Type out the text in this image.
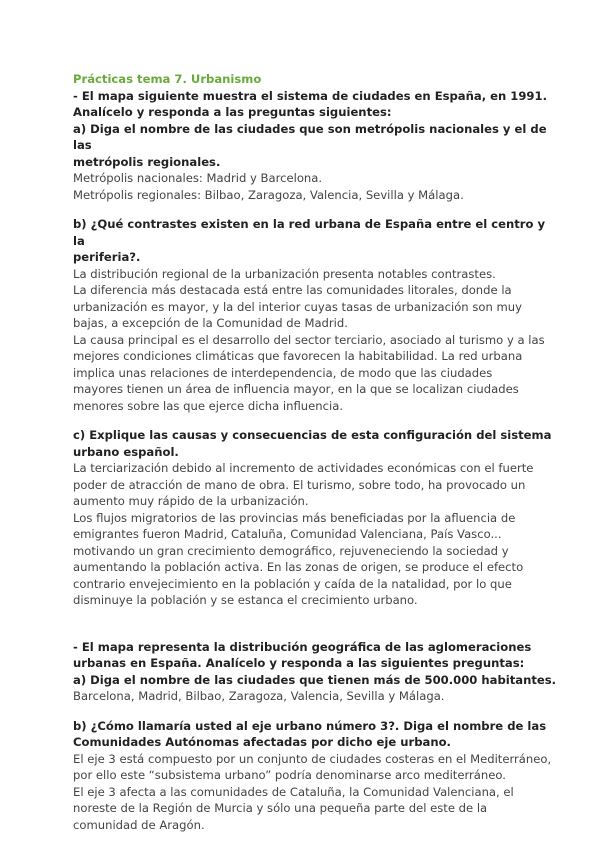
Prácticas tema 7. Urbanismo

- El mapa siguiente muestra el sistema de ciudades en España, en 1991.

Analícelo y responda a las preguntas siguientes:

a) Diga el nombre de las ciudades que son metrópolis nacionales y el de las

metrópolis regionales.

Metrópolis nacionales: Madrid y Barcelona.

Metrópolis regionales: Bilbao, Zaragoza, Valencia, Sevilla y Málaga.

b) ¿Qué contrastes existen en la red urbana de España entre el centro y la

periferia?.

La distribución regional de la urbanización presenta notables contrastes.

La diferencia más destacada está entre las comunidades litorales, donde la

urbanización es mayor, y la del interior cuyas tasas de urbanización son muy

bajas, a excepción de la Comunidad de Madrid.

La causa principal es el desarrollo del sector terciario, asociado al turismo y a las

mejores condiciones climáticas que favorecen la habitabilidad. La red urbana

implica unas relaciones de interdependencia, de modo que las ciudades

mayores tienen un área de influencia mayor, en la que se localizan ciudades

menores sobre las que ejerce dicha influencia.

c) Explique las causas y consecuencias de esta configuración del sistema

urbano español.

La terciarización debido al incremento de actividades económicas con el fuerte

poder de atracción de mano de obra. El turismo, sobre todo, ha provocado un

aumento muy rápido de la urbanización.

Los flujos migratorios de las provincias más beneficiadas por la afluencia de

emigrantes fueron Madrid, Cataluña, Comunidad Valenciana, País Vasco...

motivando un gran crecimiento demográfico, rejuveneciendo la sociedad y

aumentando la población activa. En las zonas de origen, se produce el efecto

contrario envejecimiento en la población y caída de la natalidad, por lo que

disminuye la población y se estanca el crecimiento urbano.

- El mapa representa la distribución geográfica de las aglomeraciones

urbanas en España. Analícelo y responda a las siguientes preguntas:

a) Diga el nombre de las ciudades que tienen más de 500.000 habitantes.

Barcelona, Madrid, Bilbao, Zaragoza, Valencia, Sevilla y Málaga.

b) ¿Cómo llamaría usted al eje urbano número 3?. Diga el nombre de las

Comunidades Autónomas afectadas por dicho eje urbano.

El eje 3 está compuesto por un conjunto de ciudades costeras en el Mediterráneo,

por ello este “subsistema urbano” podría denominarse arco mediterráneo.

El eje 3 afecta a las comunidades de Cataluña, la Comunidad Valenciana, el

noreste de la Región de Murcia y sólo una pequeña parte del este de la

comunidad de Aragón.
